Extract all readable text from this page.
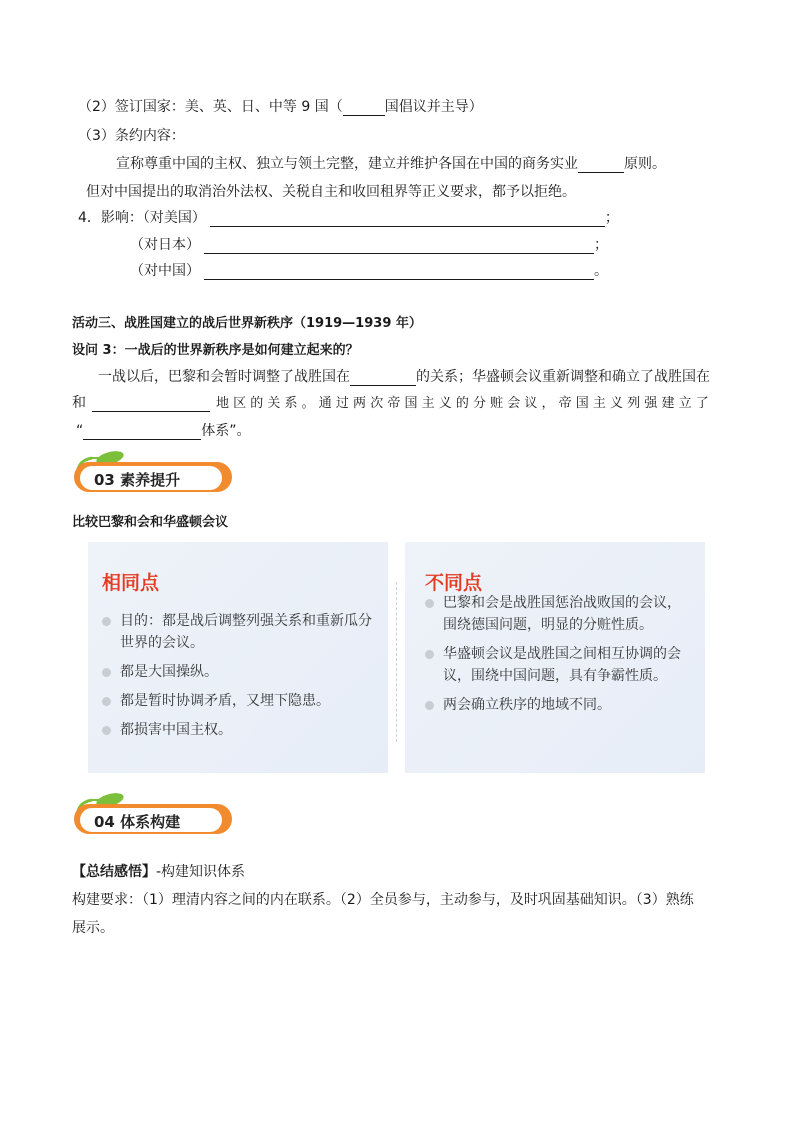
（2）签订国家：美、英、日、中等 9 国（	国倡议并主导）
（3）条约内容：
宣称尊重中国的主权、独立与领土完整，建立并维护各国在中国的商务实业	原则。
但对中国提出的取消治外法权、关税自主和收回租界等正义要求，都予以拒绝。
4．影响：（对美国）	；
（对日本）	；
（对中国）	。
活动三、战胜国建立的战后世界新秩序（1919—1939 年）
设问 3：一战后的世界新秩序是如何建立起来的？
一战以后，巴黎和会暂时调整了战胜国在	的关系；华盛顿会议重新调整和确立了战胜国在
和	地 区 的 关 系 。 通 过 两 次 帝 国 主 义 的 分 赃 会 议 ， 帝 国 主 义 列 强 建 立 了
“	体系”。
03 素养提升
比较巴黎和会和华盛顿会议
相同点
目的：都是战后调整列强关系和重新瓜分世界的会议。
都是大国操纵。
都是暂时协调矛盾，又埋下隐患。
都损害中国主权。
不同点
巴黎和会是战胜国惩治战败国的会议，围绕德国问题，明显的分赃性质。
华盛顿会议是战胜国之间相互协调的会议，围绕中国问题，具有争霸性质。
两会确立秩序的地域不同。
04 体系构建
【总结感悟】-构建知识体系
构建要求：（1）理清内容之间的内在联系。（2）全员参与，主动参与，及时巩固基础知识。（3）熟练
展示。
